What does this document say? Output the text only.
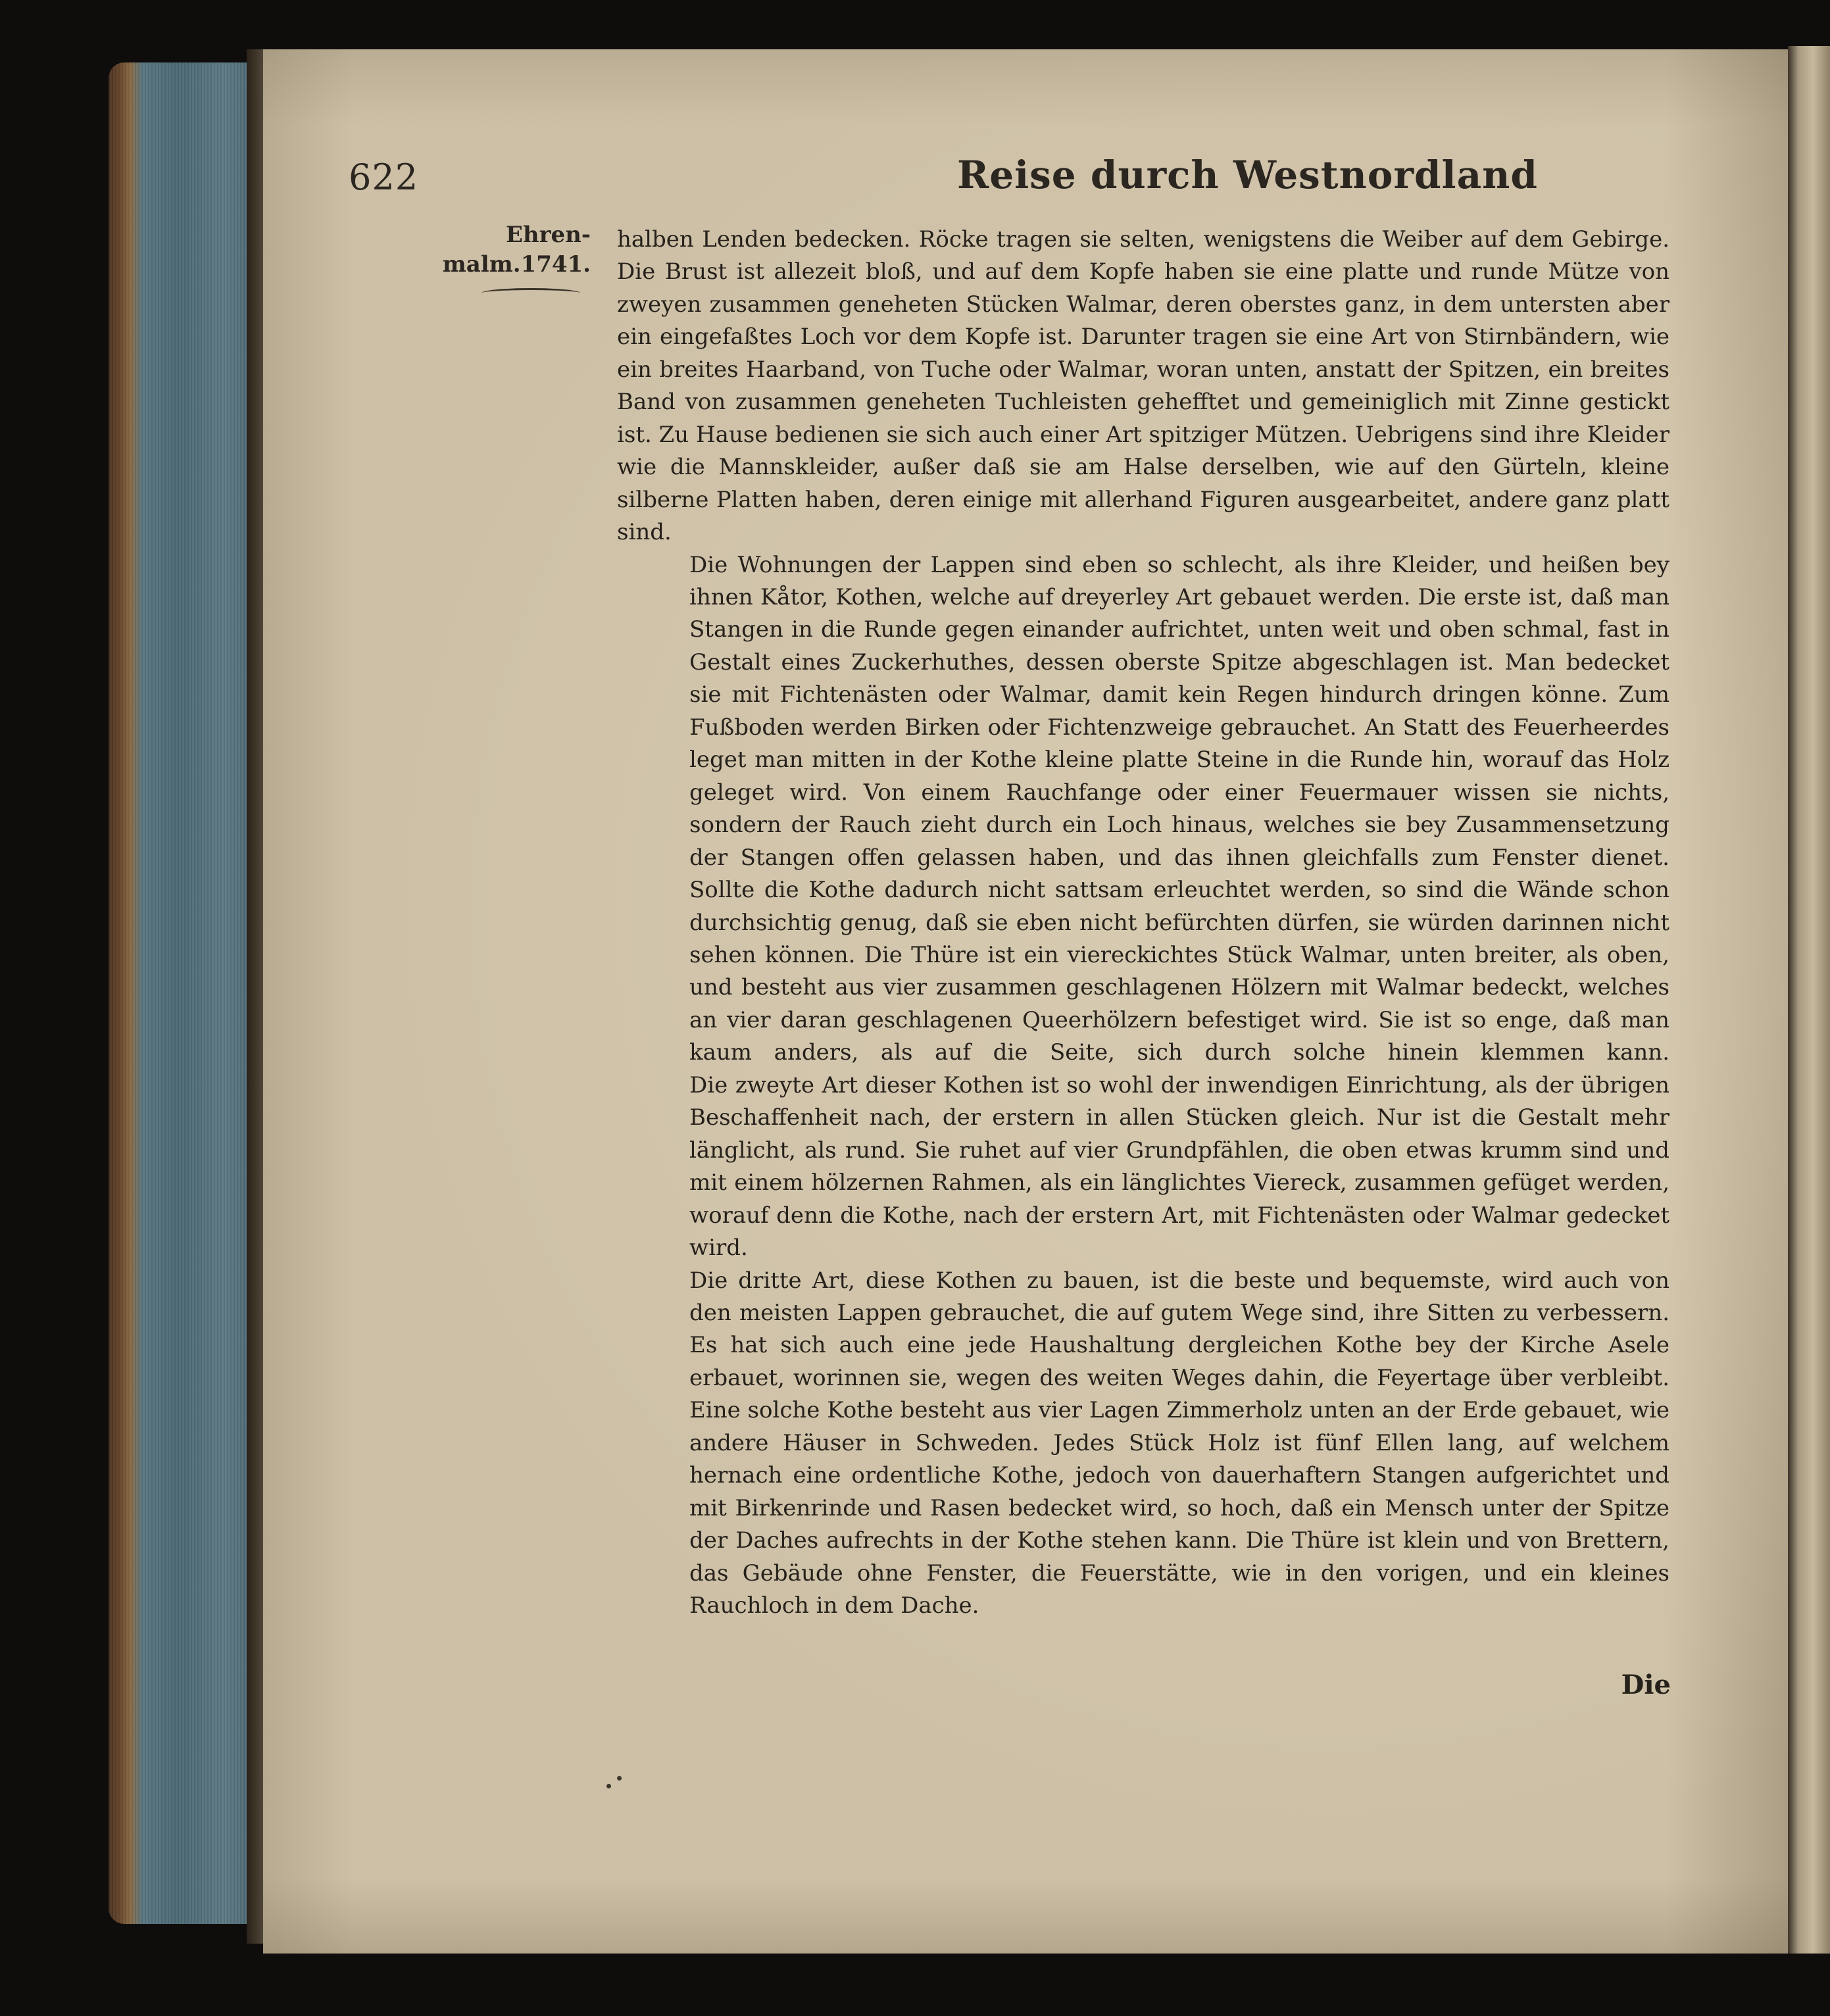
622	Reise durch Westnordland
Ehren-
malm.1741.

halben Lenden bedecken. Röcke tragen sie selten, wenigstens die Weiber auf dem Gebirge. Die Brust ist allezeit bloß, und auf dem Kopfe haben sie eine platte und runde Mütze von zweyen zusammen geneheten Stücken Walmar, deren oberstes ganz, in dem untersten aber ein eingefaßtes Loch vor dem Kopfe ist. Darunter tragen sie eine Art von Stirnbändern, wie ein breites Haarband, von Tuche oder Walmar, woran unten, anstatt der Spitzen, ein breites Band von zusammen geneheten Tuchleisten gehefftet und gemeiniglich mit Zinne gestickt ist. Zu Hause bedienen sie sich auch einer Art spitziger Mützen. Uebrigens sind ihre Kleider wie die Mannskleider, außer daß sie am Halse derselben, wie auf den Gürteln, kleine silberne Platten haben, deren einige mit allerhand Figuren ausgearbeitet, andere ganz platt sind.

Die Wohnungen der Lappen sind eben so schlecht, als ihre Kleider, und heißen bey ihnen Kåtor, Kothen, welche auf dreyerley Art gebauet werden. Die erste ist, daß man Stangen in die Runde gegen einander aufrichtet, unten weit und oben schmal, fast in Gestalt eines Zuckerhuthes, dessen oberste Spitze abgeschlagen ist. Man bedecket sie mit Fichtenästen oder Walmar, damit kein Regen hindurch dringen könne. Zum Fußboden werden Birken oder Fichtenzweige gebrauchet. An Statt des Feuerheerdes leget man mitten in der Kothe kleine platte Steine in die Runde hin, worauf das Holz geleget wird. Von einem Rauchfange oder einer Feuermauer wissen sie nichts, sondern der Rauch zieht durch ein Loch hinaus, welches sie bey Zusammensetzung der Stangen offen gelassen haben, und das ihnen gleichfalls zum Fenster dienet. Sollte die Kothe dadurch nicht sattsam erleuchtet werden, so sind die Wände schon durchsichtig genug, daß sie eben nicht befürchten dürfen, sie würden darinnen nicht sehen können. Die Thüre ist ein viereckichtes Stück Walmar, unten breiter, als oben, und besteht aus vier zusammen geschlagenen Hölzern mit Walmar bedeckt, welches an vier daran geschlagenen Queerhölzern befestiget wird. Sie ist so enge, daß man kaum anders, als auf die Seite, sich durch solche hinein klemmen kann.

Die zweyte Art dieser Kothen ist so wohl der inwendigen Einrichtung, als der übrigen Beschaffenheit nach, der erstern in allen Stücken gleich. Nur ist die Gestalt mehr länglicht, als rund. Sie ruhet auf vier Grundpfählen, die oben etwas krumm sind und mit einem hölzernen Rahmen, als ein länglichtes Viereck, zusammen gefüget werden, worauf denn die Kothe, nach der erstern Art, mit Fichtenästen oder Walmar gedecket wird.

Die dritte Art, diese Kothen zu bauen, ist die beste und bequemste, wird auch von den meisten Lappen gebrauchet, die auf gutem Wege sind, ihre Sitten zu verbessern. Es hat sich auch eine jede Haushaltung dergleichen Kothe bey der Kirche Asele erbauet, worinnen sie, wegen des weiten Weges dahin, die Feyertage über verbleibt. Eine solche Kothe besteht aus vier Lagen Zimmerholz unten an der Erde gebauet, wie andere Häuser in Schweden. Jedes Stück Holz ist fünf Ellen lang, auf welchem hernach eine ordentliche Kothe, jedoch von dauerhaftern Stangen aufgerichtet und mit Birkenrinde und Rasen bedecket wird, so hoch, daß ein Mensch unter der Spitze der Daches aufrechts in der Kothe stehen kann. Die Thüre ist klein und von Brettern, das Gebäude ohne Fenster, die Feuerstätte, wie in den vorigen, und ein kleines Rauchloch in dem Dache.

Die
